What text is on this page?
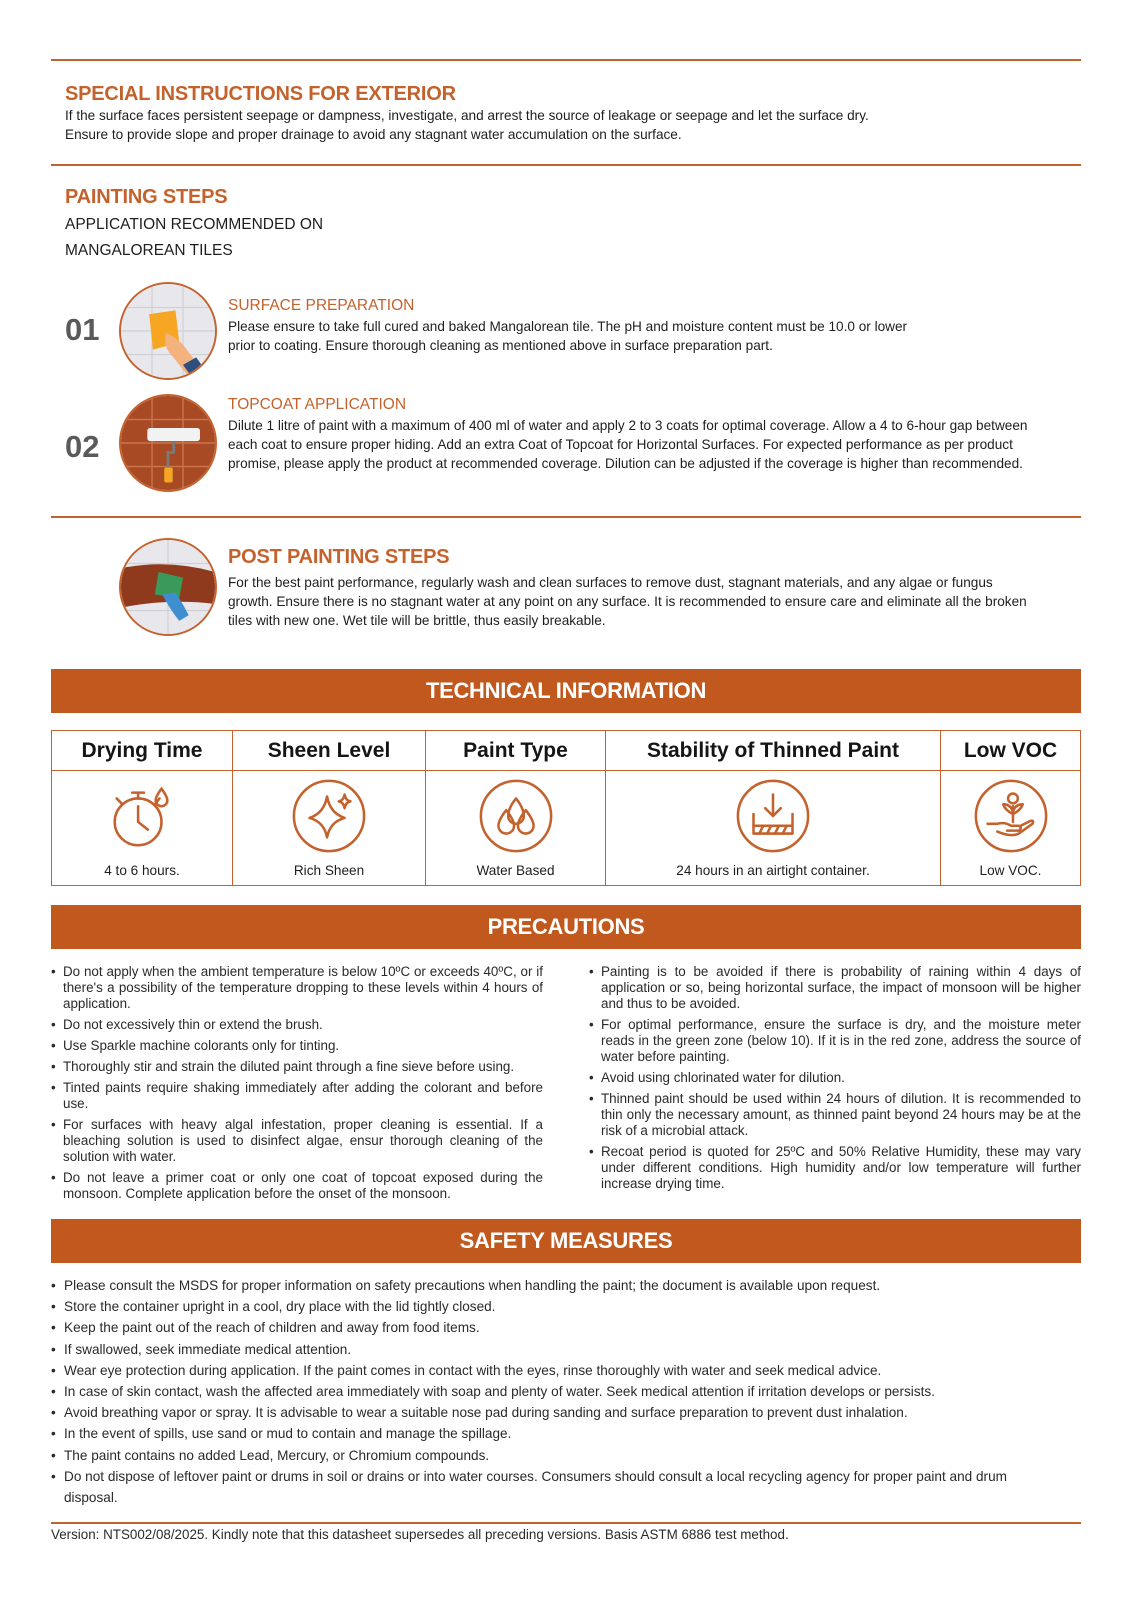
SPECIAL INSTRUCTIONS FOR EXTERIOR
If the surface faces persistent seepage or dampness, investigate, and arrest the source of leakage or seepage and let the surface dry.
Ensure to provide slope and proper drainage to avoid any stagnant water accumulation on the surface.
PAINTING STEPS
APPLICATION RECOMMENDED ON
MANGALOREAN TILES
01
SURFACE PREPARATION
Please ensure to take full cured and baked Mangalorean tile. The pH and moisture content must be 10.0 or lower prior to coating. Ensure thorough cleaning as mentioned above in surface preparation part.
02
TOPCOAT APPLICATION
Dilute 1 litre of paint with a maximum of 400 ml of water and apply 2 to 3 coats for optimal coverage. Allow a 4 to 6-hour gap between each coat to ensure proper hiding. Add an extra Coat of Topcoat for Horizontal Surfaces. For expected performance as per product promise, please apply the product at recommended coverage. Dilution can be adjusted if the coverage is higher than recommended.
POST PAINTING STEPS
For the best paint performance, regularly wash and clean surfaces to remove dust, stagnant materials, and any algae or fungus growth. Ensure there is no stagnant water at any point on any surface. It is recommended to ensure care and eliminate all the broken tiles with new one. Wet tile will be brittle, thus easily breakable.
TECHNICAL INFORMATION
Drying Time
4 to 6 hours.
Sheen Level
Rich Sheen
Paint Type
Water Based
Stability of Thinned Paint
24 hours in an airtight container.
Low VOC
Low VOC.
PRECAUTIONS
• Do not apply when the ambient temperature is below 10ºC or exceeds 40ºC, or if there's a possibility of the temperature dropping to these levels within 4 hours of application.
• Do not excessively thin or extend the brush.
• Use Sparkle machine colorants only for tinting.
• Thoroughly stir and strain the diluted paint through a fine sieve before using.
• Tinted paints require shaking immediately after adding the colorant and before use.
• For surfaces with heavy algal infestation, proper cleaning is essential. If a bleaching solution is used to disinfect algae, ensur thorough cleaning of the solution with water.
• Do not leave a primer coat or only one coat of topcoat exposed during the monsoon. Complete application before the onset of the monsoon.
• Painting is to be avoided if there is probability of raining within 4 days of application or so, being horizontal surface, the impact of monsoon will be higher and thus to be avoided.
• For optimal performance, ensure the surface is dry, and the moisture meter reads in the green zone (below 10). If it is in the red zone, address the source of water before painting.
• Avoid using chlorinated water for dilution.
• Thinned paint should be used within 24 hours of dilution. It is recommended to thin only the necessary amount, as thinned paint beyond 24 hours may be at the risk of a microbial attack.
• Recoat period is quoted for 25ºC and 50% Relative Humidity, these may vary under different conditions. High humidity and/or low temperature will further increase drying time.
SAFETY MEASURES
• Please consult the MSDS for proper information on safety precautions when handling the paint; the document is available upon request.
• Store the container upright in a cool, dry place with the lid tightly closed.
• Keep the paint out of the reach of children and away from food items.
• If swallowed, seek immediate medical attention.
• Wear eye protection during application. If the paint comes in contact with the eyes, rinse thoroughly with water and seek medical advice.
• In case of skin contact, wash the affected area immediately with soap and plenty of water. Seek medical attention if irritation develops or persists.
• Avoid breathing vapor or spray. It is advisable to wear a suitable nose pad during sanding and surface preparation to prevent dust inhalation.
• In the event of spills, use sand or mud to contain and manage the spillage.
• The paint contains no added Lead, Mercury, or Chromium compounds.
• Do not dispose of leftover paint or drums in soil or drains or into water courses. Consumers should consult a local recycling agency for proper paint and drum disposal.
Version: NTS002/08/2025. Kindly note that this datasheet supersedes all preceding versions. Basis ASTM 6886 test method.
